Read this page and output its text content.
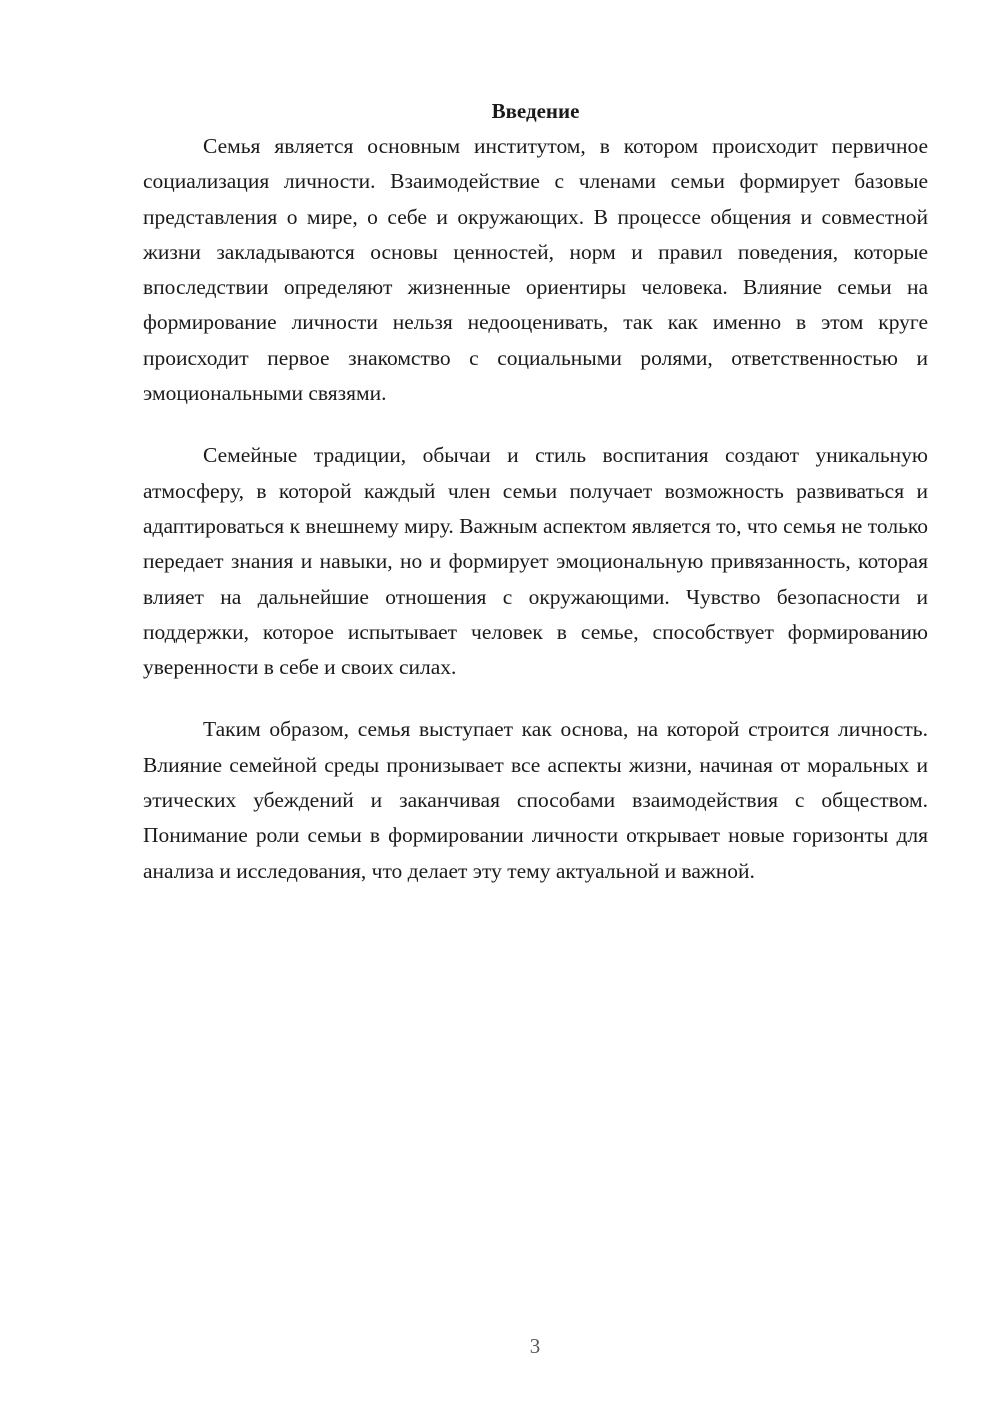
Введение

Семья является основным институтом, в котором происходит первичное социализация личности. Взаимодействие с членами семьи формирует базовые представления о мире, о себе и окружающих. В процессе общения и совместной жизни закладываются основы ценностей, норм и правил поведения, которые впоследствии определяют жизненные ориентиры человека. Влияние семьи на формирование личности нельзя недооценивать, так как именно в этом круге происходит первое знакомство с социальными ролями, ответственностью и эмоциональными связями.

Семейные традиции, обычаи и стиль воспитания создают уникальную атмосферу, в которой каждый член семьи получает возможность развиваться и адаптироваться к внешнему миру. Важным аспектом является то, что семья не только передает знания и навыки, но и формирует эмоциональную привязанность, которая влияет на дальнейшие отношения с окружающими. Чувство безопасности и поддержки, которое испытывает человек в семье, способствует формированию уверенности в себе и своих силах.

Таким образом, семья выступает как основа, на которой строится личность. Влияние семейной среды пронизывает все аспекты жизни, начиная от моральных и этических убеждений и заканчивая способами взаимодействия с обществом. Понимание роли семьи в формировании личности открывает новые горизонты для анализа и исследования, что делает эту тему актуальной и важной.

3
